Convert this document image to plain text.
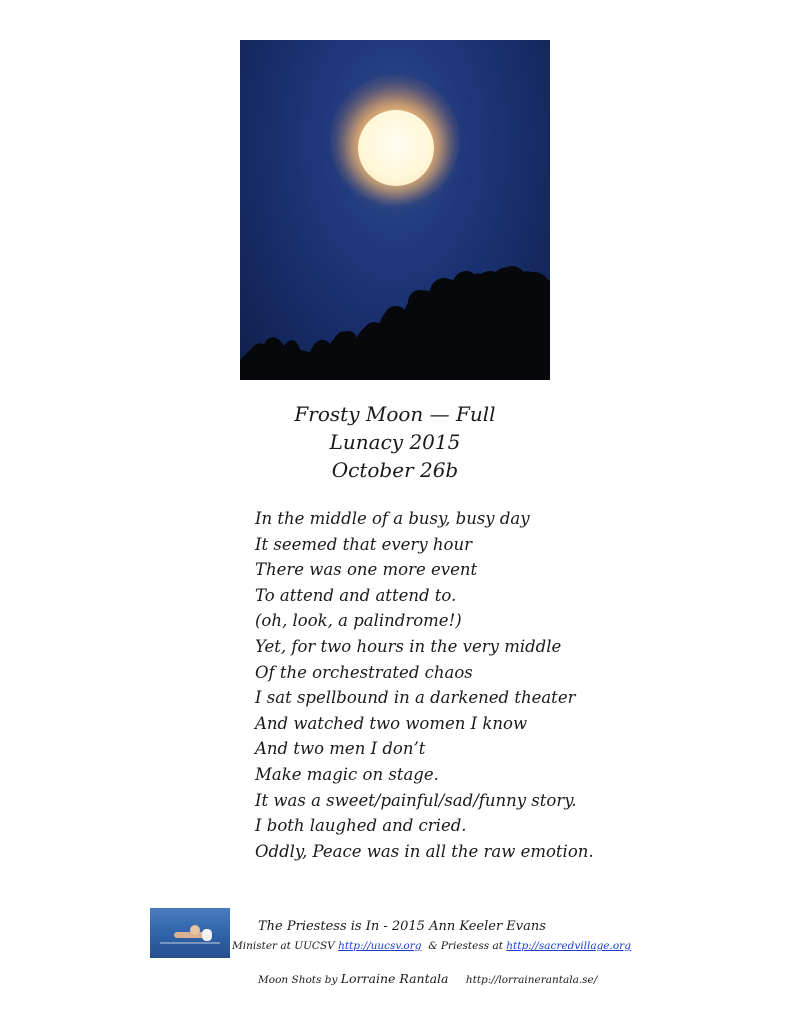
Frosty Moon — Full
Lunacy 2015
October 26b
In the middle of a busy, busy day
It seemed that every hour
There was one more event
To attend and attend to.
(oh, look, a palindrome!)
Yet, for two hours in the very middle
Of the orchestrated chaos
I sat spellbound in a darkened theater
And watched two women I know
And two men I don’t
Make magic on stage.
It was a sweet/painful/sad/funny story.
I both laughed and cried.
Oddly, Peace was in all the raw emotion.
The Priestess is In - 2015 Ann Keeler Evans
Minister at UUCSV http://uucsv.org & Priestess at http://sacredvillage.org
Moon Shots by Lorraine Rantala http://lorrainerantala.se/
